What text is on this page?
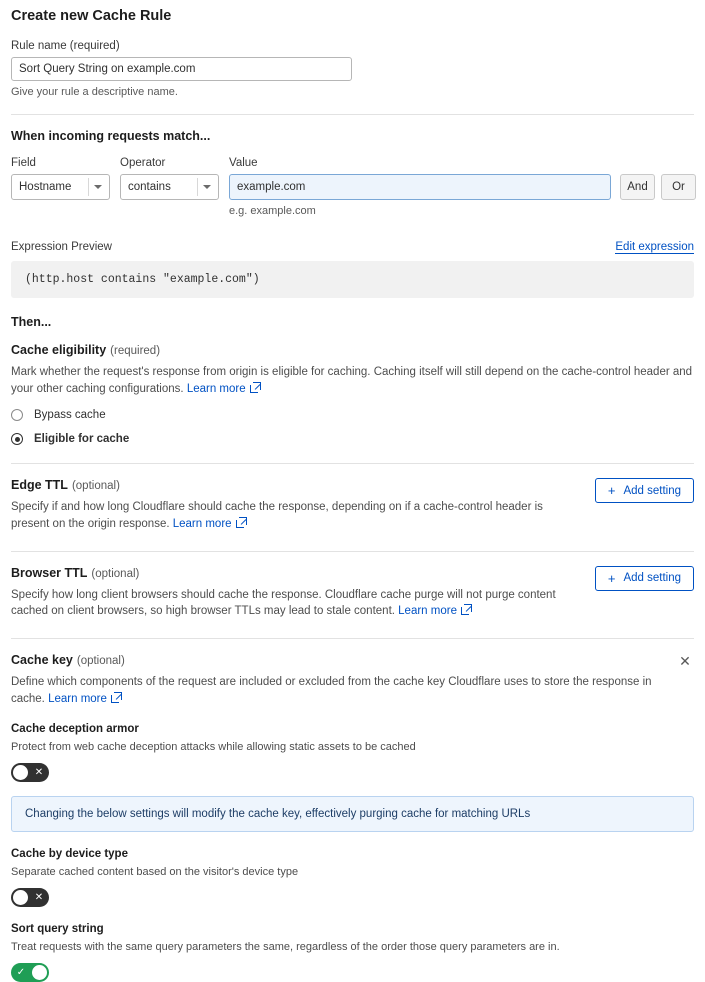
Create new Cache Rule
Rule name (required)
Sort Query String on example.com
Give your rule a descriptive name.
When incoming requests match...
Field
Hostname
Operator
contains
Value
example.com
e.g. example.com
And	Or
Expression Preview	Edit expression
(http.host contains "example.com")
Then...
Cache eligibility (required)
Mark whether the request's response from origin is eligible for caching. Caching itself will still depend on the cache-control header and your other caching configurations. Learn more
Bypass cache
Eligible for cache
+ Add setting
Edge TTL (optional)
Specify if and how long Cloudflare should cache the response, depending on if a cache-control header is present on the origin response. Learn more
+ Add setting
Browser TTL (optional)
Specify how long client browsers should cache the response. Cloudflare cache purge will not purge content cached on client browsers, so high browser TTLs may lead to stale content. Learn more
✕
Cache key (optional)
Define which components of the request are included or excluded from the cache key Cloudflare uses to store the response in cache. Learn more
Cache deception armor
Protect from web cache deception attacks while allowing static assets to be cached
✕
Changing the below settings will modify the cache key, effectively purging cache for matching URLs
Cache by device type
Separate cached content based on the visitor's device type
✕
Sort query string
Treat requests with the same query parameters the same, regardless of the order those query parameters are in.
✓
